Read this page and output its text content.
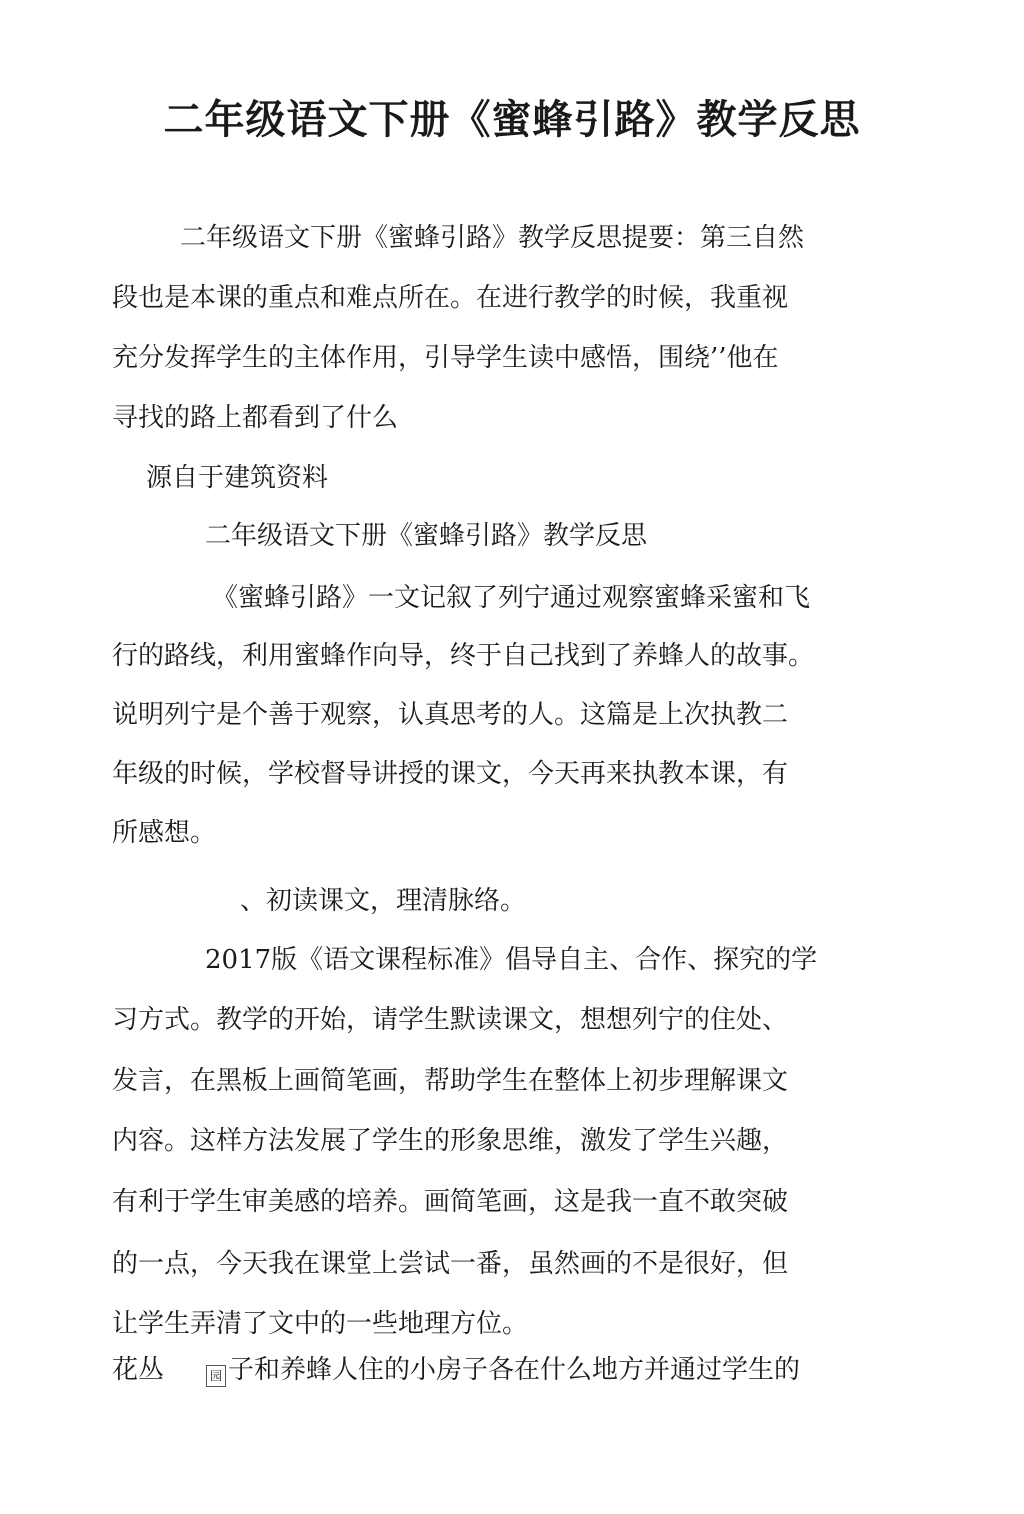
二年级语文下册《蜜蜂引路》教学反思

二年级语文下册《蜜蜂引路》教学反思提要：第三自然

段也是本课的重点和难点所在。在进行教学的时候，我重视

充分发挥学生的主体作用，引导学生读中感悟，围绕’’他在

寻找的路上都看到了什么

源自于建筑资料

二年级语文下册《蜜蜂引路》教学反思

《蜜蜂引路》一文记叙了列宁通过观察蜜蜂采蜜和飞

行的路线，利用蜜蜂作向导，终于自己找到了养蜂人的故事。

说明列宁是个善于观察，认真思考的人。这篇是上次执教二

年级的时候，学校督导讲授的课文，今天再来执教本课，有

所感想。

、初读课文，理清脉络。

2017版《语文课程标准》倡导自主、合作、探究的学

习方式。教学的开始，请学生默读课文，想想列宁的住处、

发言，在黑板上画简笔画，帮助学生在整体上初步理解课文

内容。这样方法发展了学生的形象思维，激发了学生兴趣，

有利于学生审美感的培养。画简笔画，这是我一直不敢突破

的一点，今天我在课堂上尝试一番，虽然画的不是很好，但

让学生弄清了文中的一些地理方位。

花丛	园 子和养蜂人住的小房子各在什么地方并通过学生的
